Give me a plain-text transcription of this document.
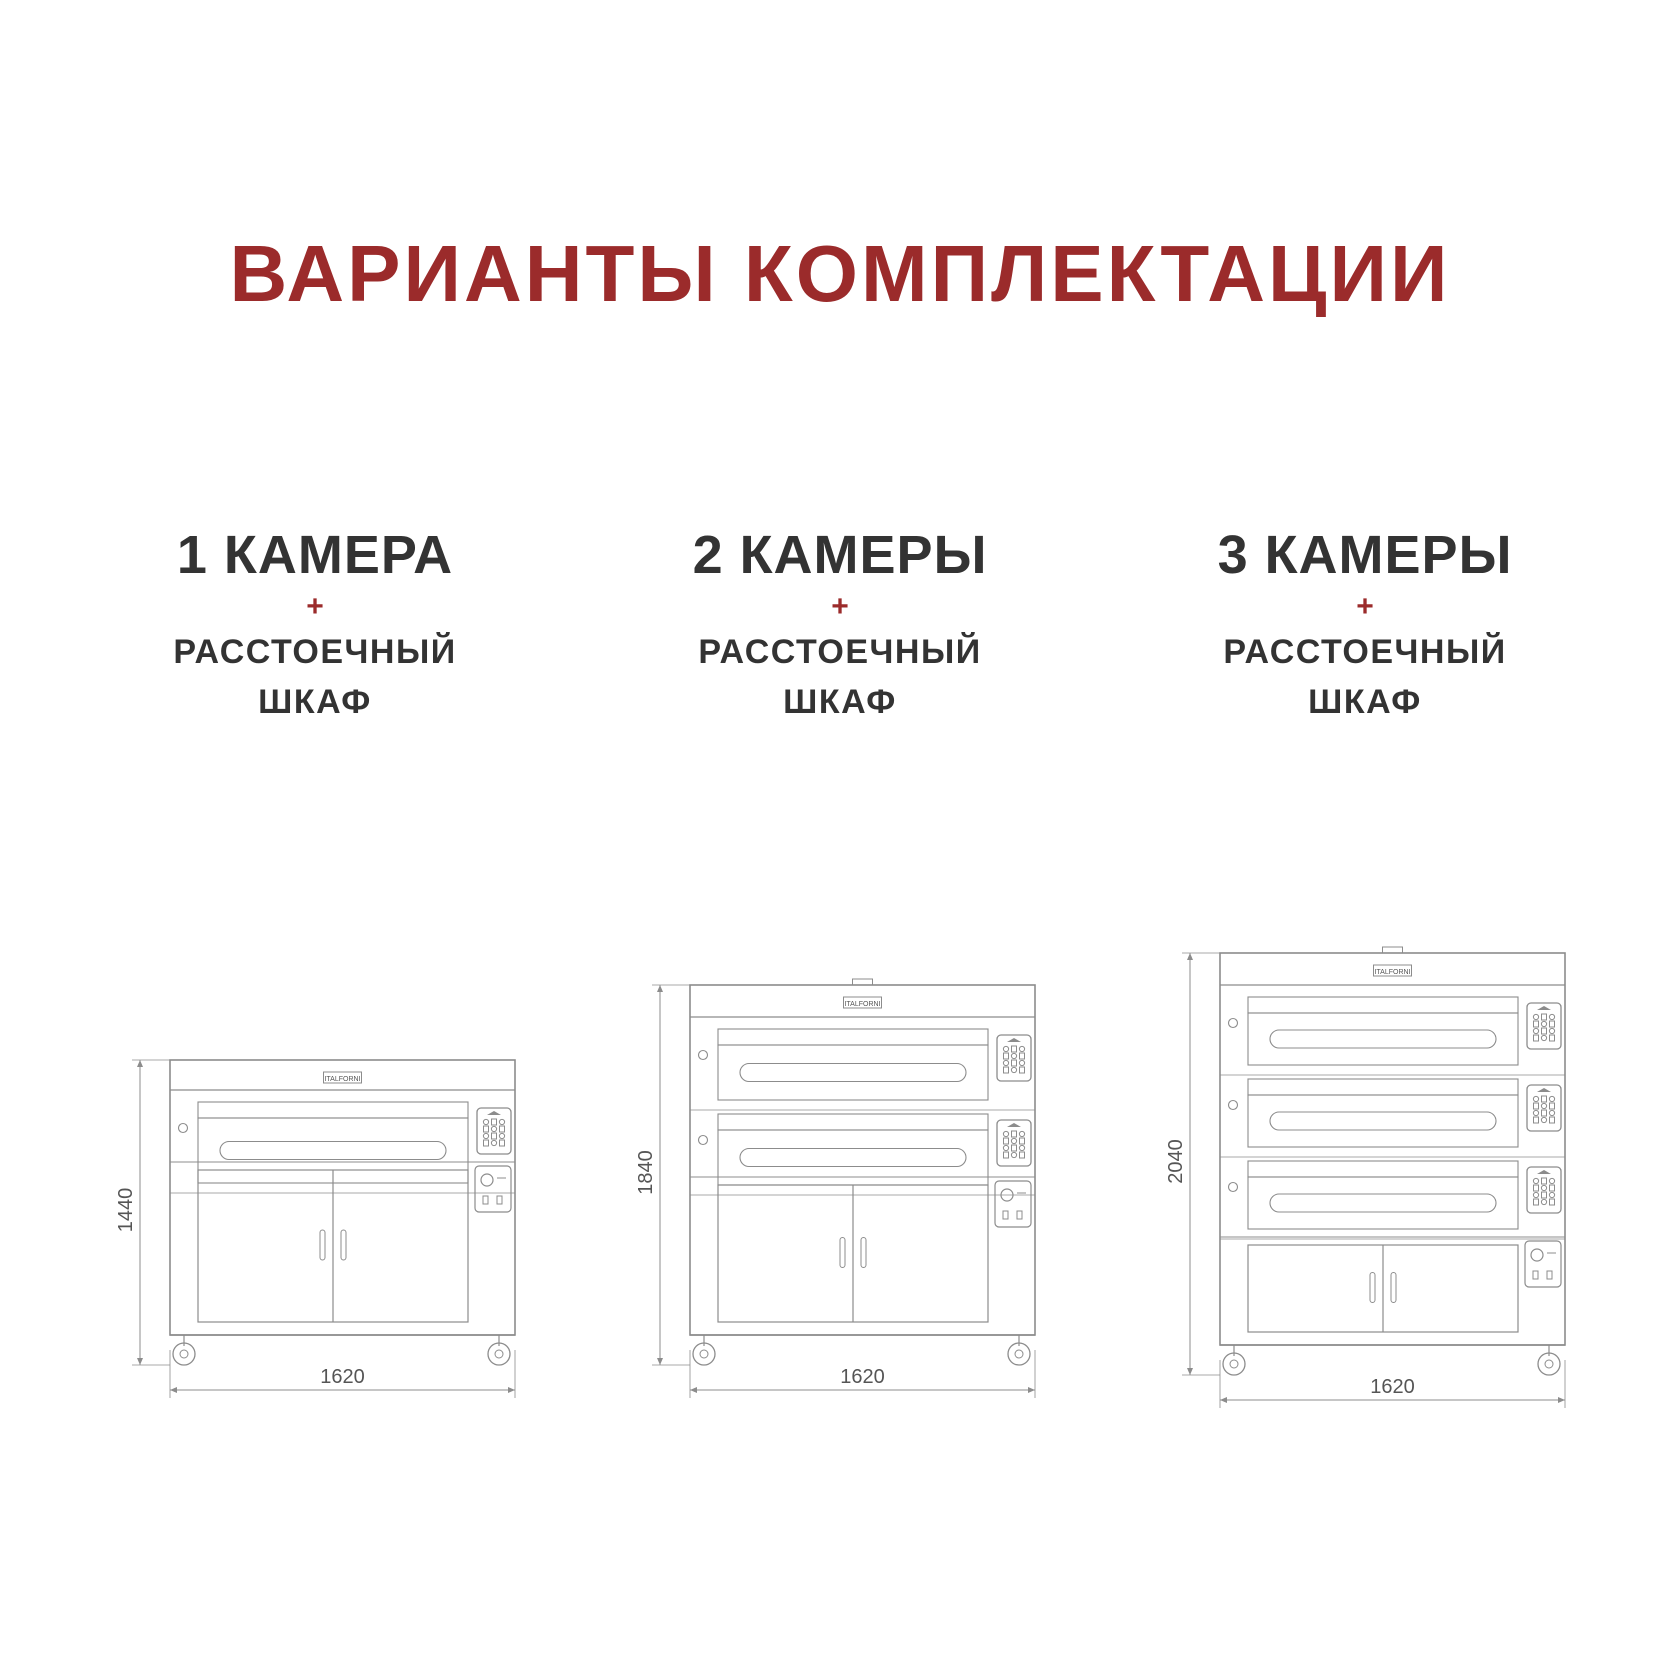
ВАРИАНТЫ КОМПЛЕКТАЦИИ
1 КАМЕРА
+
РАССТОЕЧНЫЙ
ШКАФ
2 КАМЕРЫ
+
РАССТОЕЧНЫЙ
ШКАФ
3 КАМЕРЫ
+
РАССТОЕЧНЫЙ
ШКАФ
ITALFORNI
1440
1620
ITALFORNI
1840
1620
ITALFORNI
2040
1620
